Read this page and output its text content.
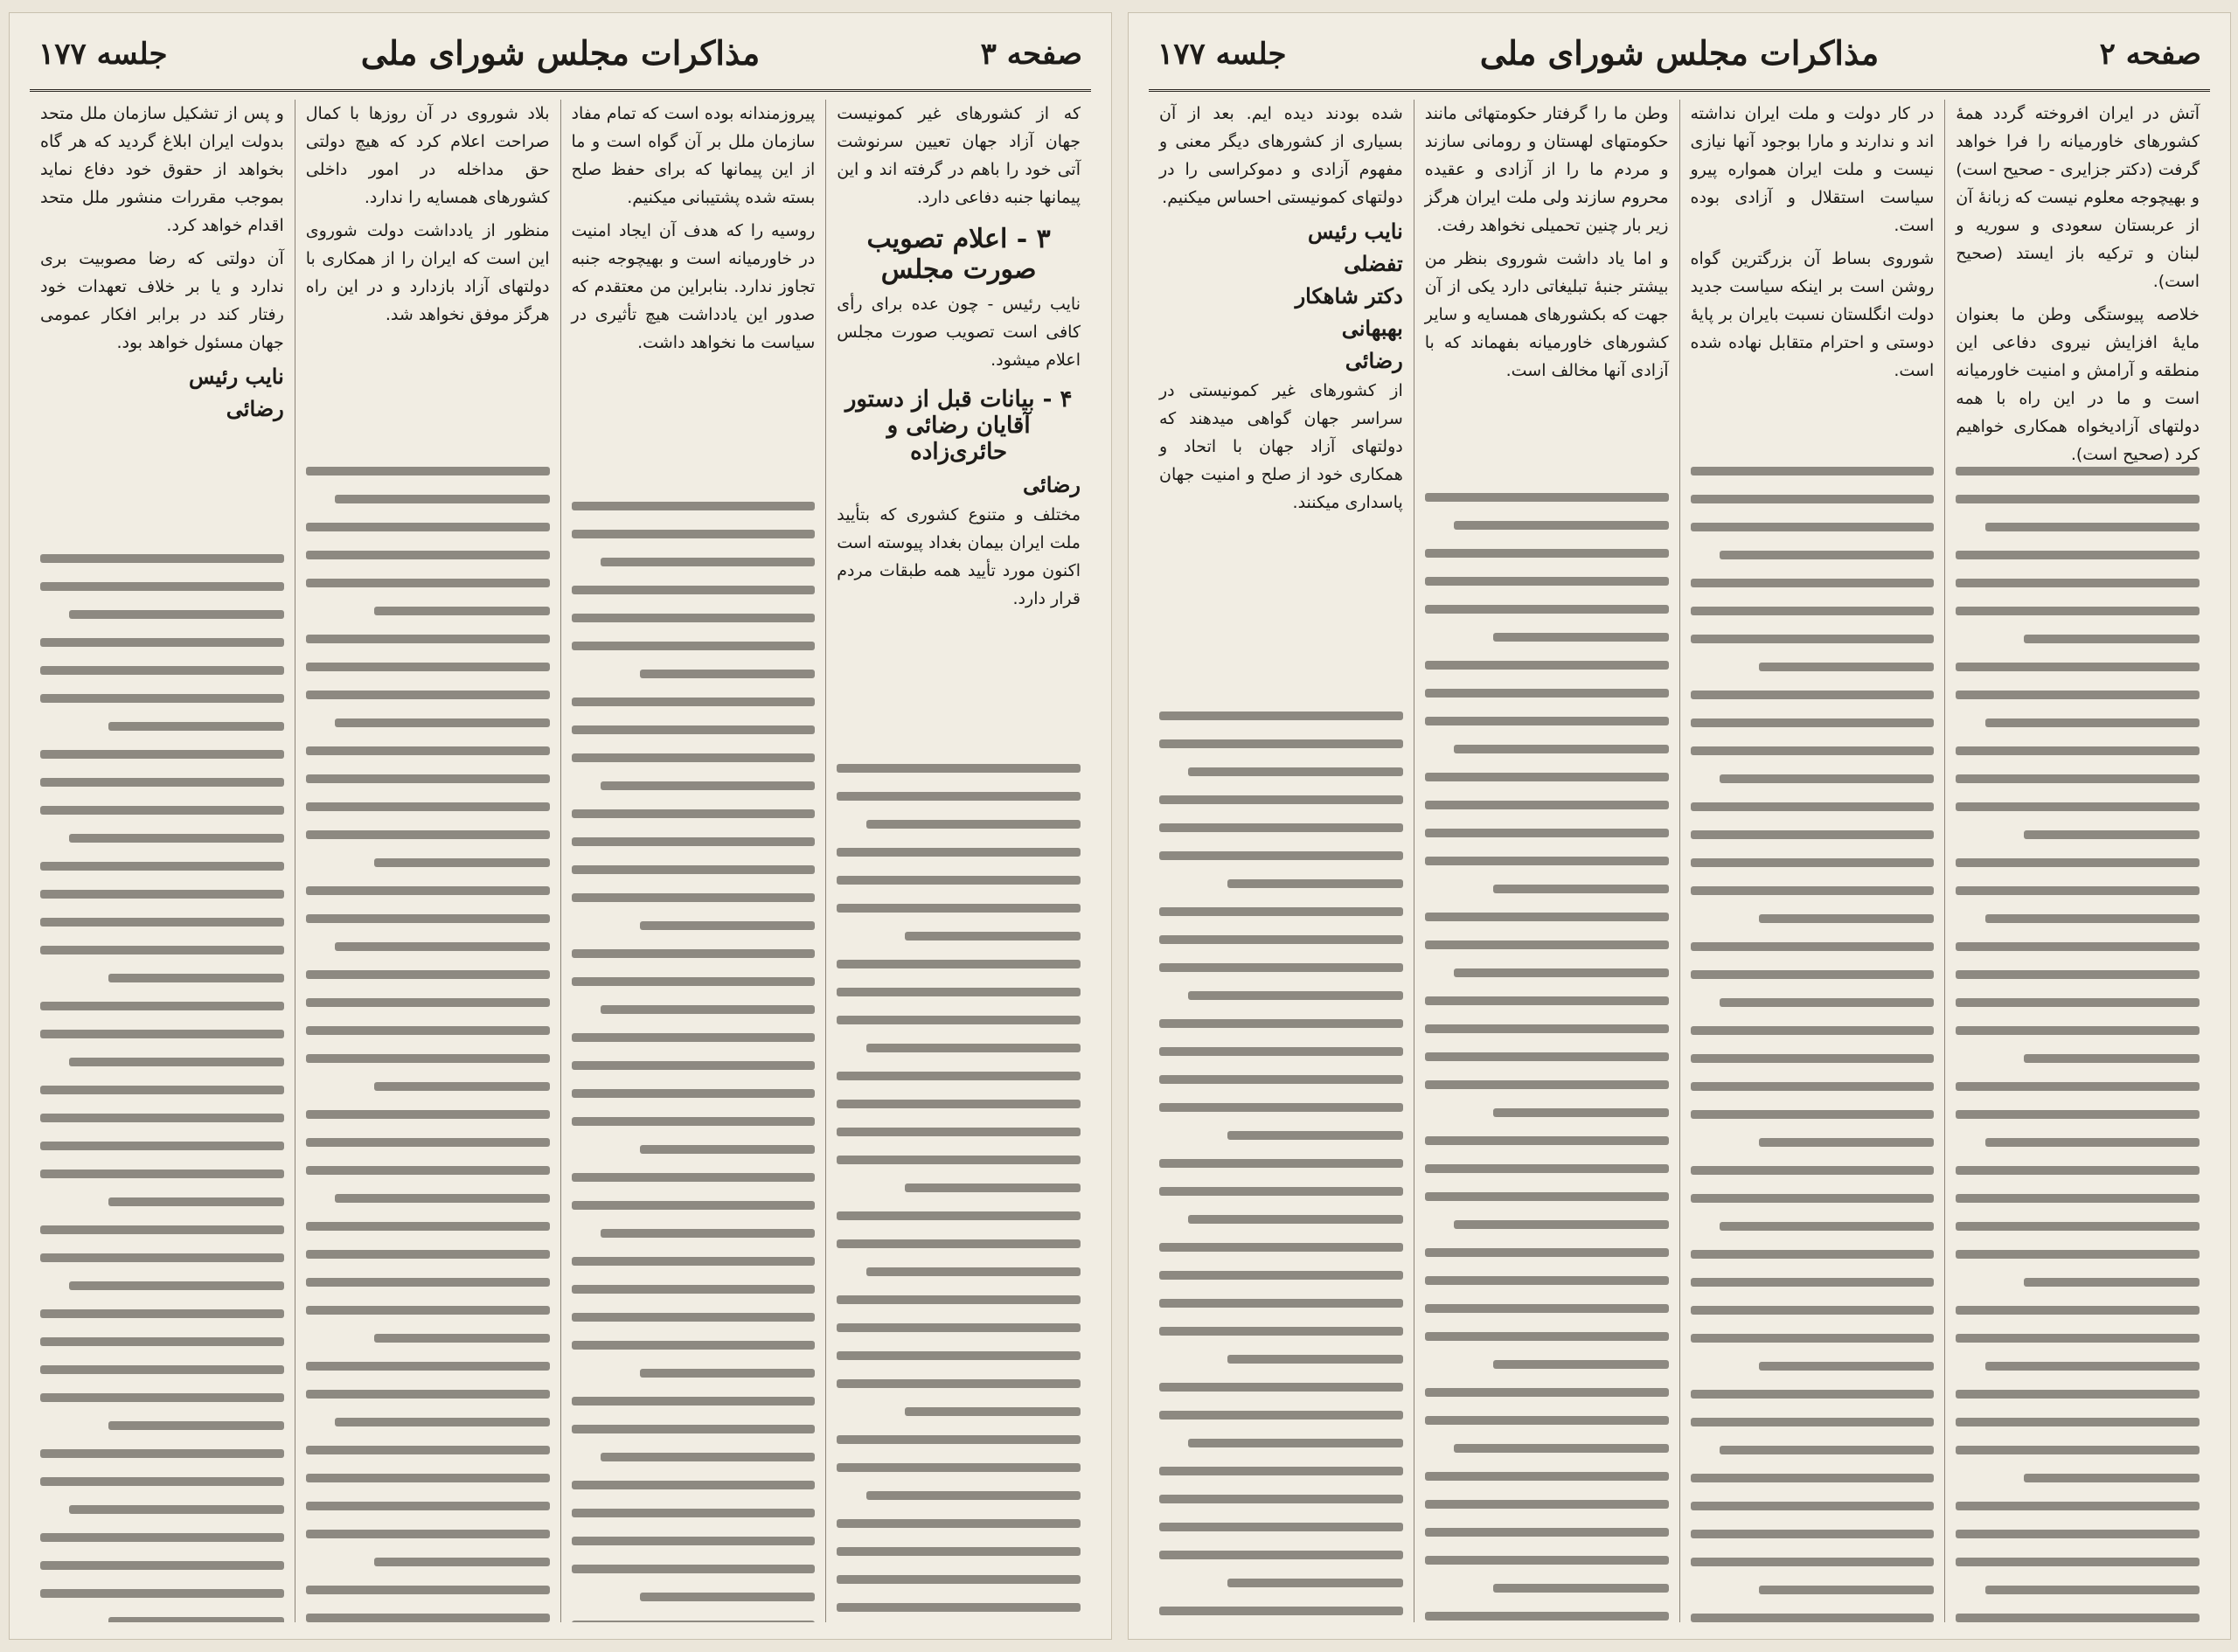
صفحه ۲
مذاکرات مجلس شورای ملی
جلسه ۱۷۷

آتش در ایران افروخته گردد همهٔ کشورهای خاورمیانه را فرا خواهد گرفت (دکتر جزایری - صحیح است) و بهیچوجه معلوم نیست که زبانهٔ آن از عربستان سعودی و سوریه و لبنان و ترکیه باز ایستد (صحیح است).

خلاصه پیوستگی وطن ما بعنوان مایهٔ افزایش نیروی دفاعی این منطقه و آرامش و امنیت خاورمیانه است و ما در این راه با همه دولتهای آزادیخواه همکاری خواهیم کرد (صحیح است).

در کار دولت و ملت ایران نداشته اند و ندارند و مارا بوجود آنها نیازی نیست و ملت ایران همواره پیرو سیاست استقلال و آزادی بوده است.

شوروی بساط آن بزرگترین گواه روشن است بر اینکه سیاست جدید دولت انگلستان نسبت بایران بر پایهٔ دوستی و احترام متقابل نهاده شده است.

وطن ما را گرفتار حکومتهائی مانند حکومتهای لهستان و رومانی سازند و مردم ما را از آزادی و عقیده محروم سازند ولی ملت ایران هرگز زیر بار چنین تحمیلی نخواهد رفت.

و اما یاد داشت شوروی بنظر من بیشتر جنبهٔ تبلیغاتی دارد یکی از آن جهت که بکشورهای همسایه و سایر کشورهای خاورمیانه بفهماند که با آزادی آنها مخالف است.

شده بودند دیده ایم. بعد از آن بسیاری از کشورهای دیگر معنی و مفهوم آزادی و دموکراسی را در دولتهای کمونیستی احساس میکنیم.

نایب رئیس
تفضلی
دکتر شاهکار
بهبهانی
رضائی

از کشورهای غیر کمونیستی در سراسر جهان گواهی میدهند که دولتهای آزاد جهان با اتحاد و همکاری خود از صلح و امنیت جهان پاسداری میکنند.

صفحه ۳
مذاکرات مجلس شورای ملی
جلسه ۱۷۷

که از کشورهای غیر کمونیست جهان آزاد جهان تعیین سرنوشت آتی خود را باهم در گرفته اند و این پیمانها جنبه دفاعی دارد.

۳ - اعلام تصویب صورت مجلس

نایب رئیس - چون عده برای رأی کافی است تصویب صورت مجلس اعلام میشود.

۴ - بیانات قبل از دستور آقایان رضائی و حائری‌زاده
رضائی

مختلف و متنوع کشوری که بتأیید ملت ایران بیمان بغداد پیوسته است اکنون مورد تأیید همه طبقات مردم قرار دارد.

پیروزمندانه بوده است که تمام مفاد سازمان ملل بر آن گواه است و ما از این پیمانها که برای حفظ صلح بسته شده پشتیبانی میکنیم.

روسیه را که هدف آن ایجاد امنیت در خاورمیانه است و بهیچوجه جنبه تجاوز ندارد. بنابراین من معتقدم که صدور این یادداشت هیچ تأثیری در سیاست ما نخواهد داشت.

بلاد شوروی در آن روزها با کمال صراحت اعلام کرد که هیچ دولتی حق مداخله در امور داخلی کشورهای همسایه را ندارد.

منظور از یادداشت دولت شوروی این است که ایران را از همکاری با دولتهای آزاد بازدارد و در این راه هرگز موفق نخواهد شد.

و پس از تشکیل سازمان ملل متحد بدولت ایران ابلاغ گردید که هر گاه بخواهد از حقوق خود دفاع نماید بموجب مقررات منشور ملل متحد اقدام خواهد کرد.

آن دولتی که رضا مصوبیت بری ندارد و یا بر خلاف تعهدات خود رفتار کند در برابر افکار عمومی جهان مسئول خواهد بود.

نایب رئیس
رضائی
